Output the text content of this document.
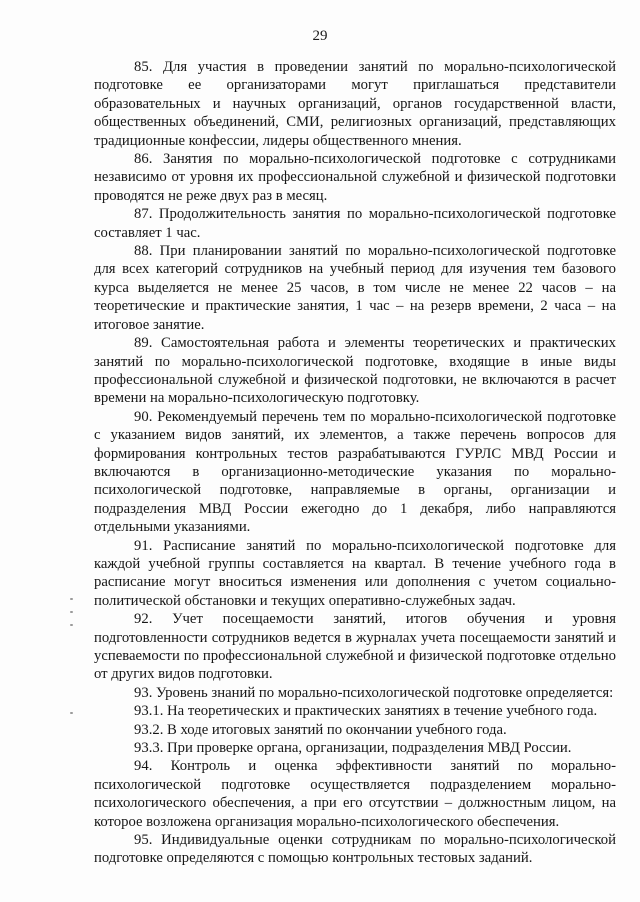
29

85. Для участия в проведении занятий по морально-психологической подготовке ее организаторами могут приглашаться представители образовательных и научных организаций, органов государственной власти, общественных объединений, СМИ, религиозных организаций, представляющих традиционные конфессии, лидеры общественного мнения.

86. Занятия по морально-психологической подготовке с сотрудниками независимо от уровня их профессиональной служебной и физической подготовки проводятся не реже двух раз в месяц.

87. Продолжительность занятия по морально-психологической подготовке составляет 1 час.

88. При планировании занятий по морально-психологической подготовке для всех категорий сотрудников на учебный период для изучения тем базового курса выделяется не менее 25 часов, в том числе не менее 22 часов – на теоретические и практические занятия, 1 час – на резерв времени, 2 часа – на итоговое занятие.

89. Самостоятельная работа и элементы теоретических и практических занятий по морально-психологической подготовке, входящие в иные виды профессиональной служебной и физической подготовки, не включаются в расчет времени на морально-психологическую подготовку.

90. Рекомендуемый перечень тем по морально-психологической подготовке с указанием видов занятий, их элементов, а также перечень вопросов для формирования контрольных тестов разрабатываются ГУРЛС МВД России и включаются в организационно-методические указания по морально-психологической подготовке, направляемые в органы, организации и подразделения МВД России ежегодно до 1 декабря, либо направляются отдельными указаниями.

91. Расписание занятий по морально-психологической подготовке для каждой учебной группы составляется на квартал. В течение учебного года в расписание могут вноситься изменения или дополнения с учетом социально-политической обстановки и текущих оперативно-служебных задач.

92. Учет посещаемости занятий, итогов обучения и уровня подготовленности сотрудников ведется в журналах учета посещаемости занятий и успеваемости по профессиональной служебной и физической подготовке отдельно от других видов подготовки.

93. Уровень знаний по морально-психологической подготовке определяется:

93.1. На теоретических и практических занятиях в течение учебного года.

93.2. В ходе итоговых занятий по окончании учебного года.

93.3. При проверке органа, организации, подразделения МВД России.

94. Контроль и оценка эффективности занятий по морально-психологической подготовке осуществляется подразделением морально-психологического обеспечения, а при его отсутствии – должностным лицом, на которое возложена организация морально-психологического обеспечения.

95. Индивидуальные оценки сотрудникам по морально-психологической подготовке определяются с помощью контрольных тестовых заданий.
